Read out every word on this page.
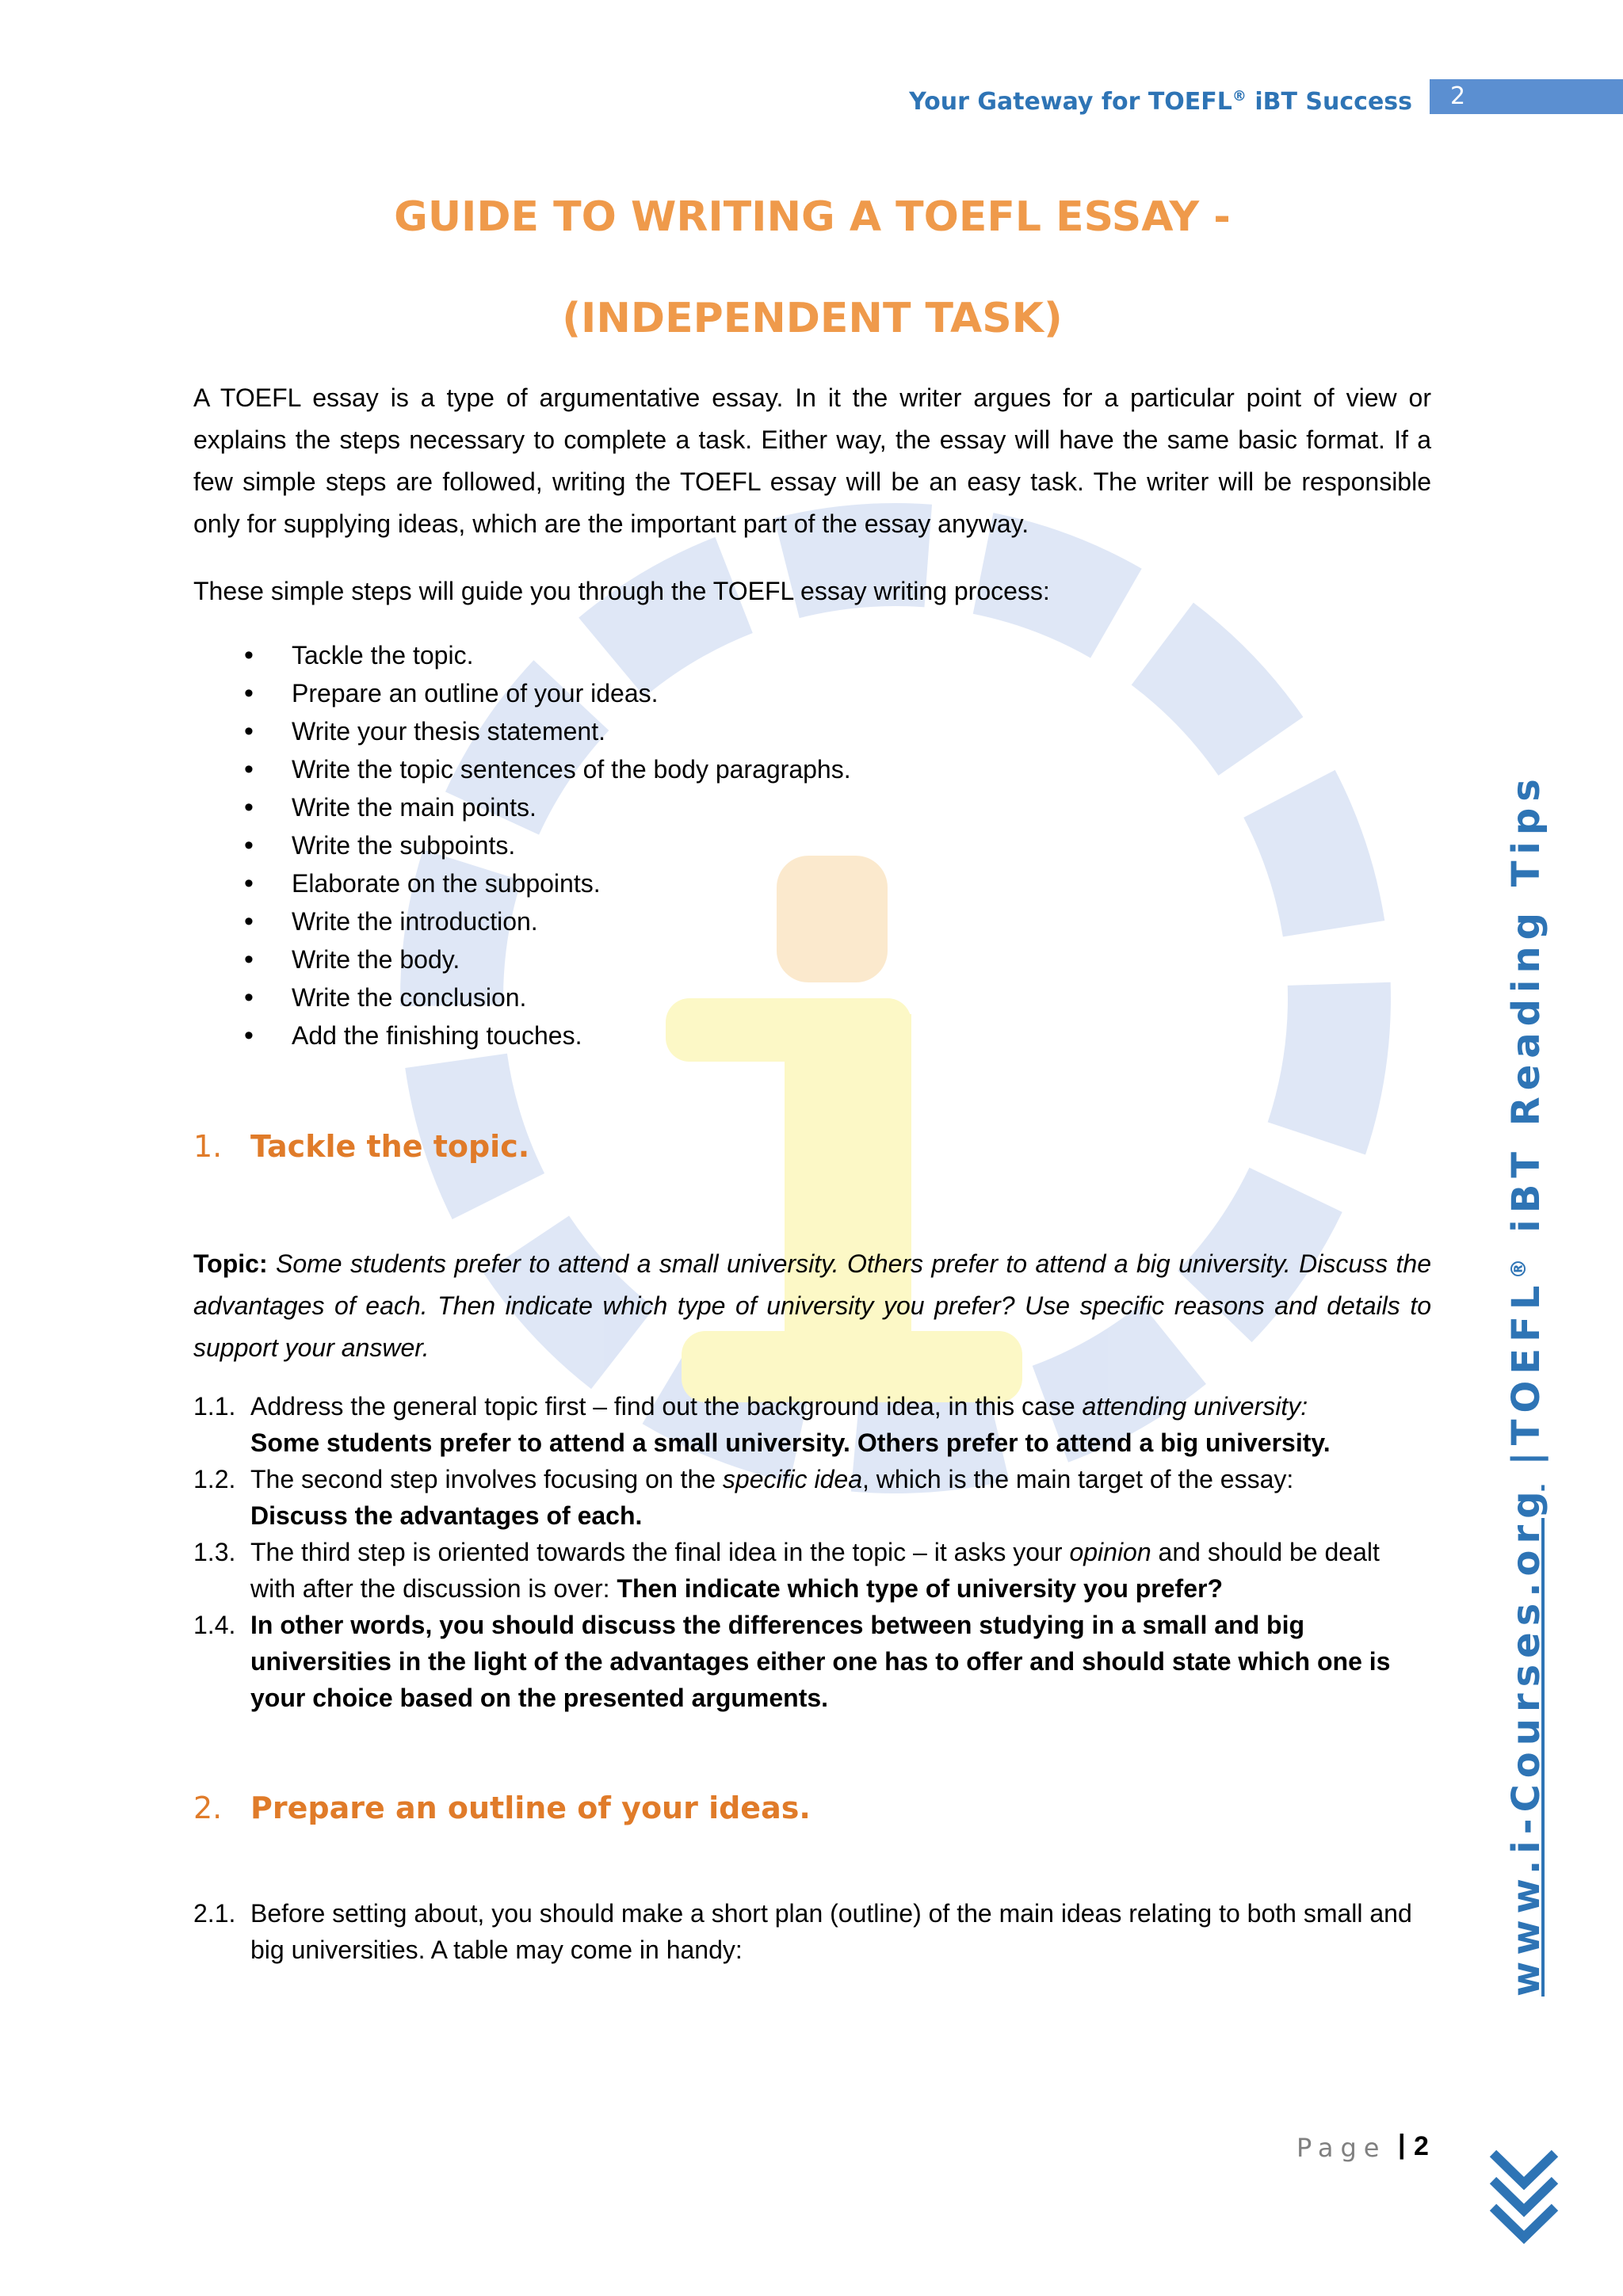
Your Gateway for TOEFL® iBT Success	2
www.i-Courses.org |TOEFL® iBT Reading Tips
GUIDE TO WRITING A TOEFL ESSAY -
(INDEPENDENT TASK)

A TOEFL essay is a type of argumentative essay. In it the writer argues for a particular point of view or explains the steps necessary to complete a task. Either way, the essay will have the same basic format. If a few simple steps are followed, writing the TOEFL essay will be an easy task. The writer will be responsible only for supplying ideas, which are the important part of the essay anyway.

These simple steps will guide you through the TOEFL essay writing process:

• Tackle the topic.
• Prepare an outline of your ideas.
• Write your thesis statement.
• Write the topic sentences of the body paragraphs.
• Write the main points.
• Write the subpoints.
• Elaborate on the subpoints.
• Write the introduction.
• Write the body.
• Write the conclusion.
• Add the finishing touches.
1. Tackle the topic.

Topic: Some students prefer to attend a small university. Others prefer to attend a big university. Discuss the advantages of each. Then indicate which type of university you prefer? Use specific reasons and details to support your answer.

1.1. Address the general topic first – find out the background idea, in this case attending university:
Some students prefer to attend a small university. Others prefer to attend a big university.
1.2. The second step involves focusing on the specific idea, which is the main target of the essay:
Discuss the advantages of each.
1.3. The third step is oriented towards the final idea in the topic – it asks your opinion and should be dealt with after the discussion is over: Then indicate which type of university you prefer?
1.4. In other words, you should discuss the differences between studying in a small and big universities in the light of the advantages either one has to offer and should state which one is your choice based on the presented arguments.
2. Prepare an outline of your ideas.
2.1. Before setting about, you should make a short plan (outline) of the main ideas relating to both small and big universities. A table may come in handy:
Page | 2
